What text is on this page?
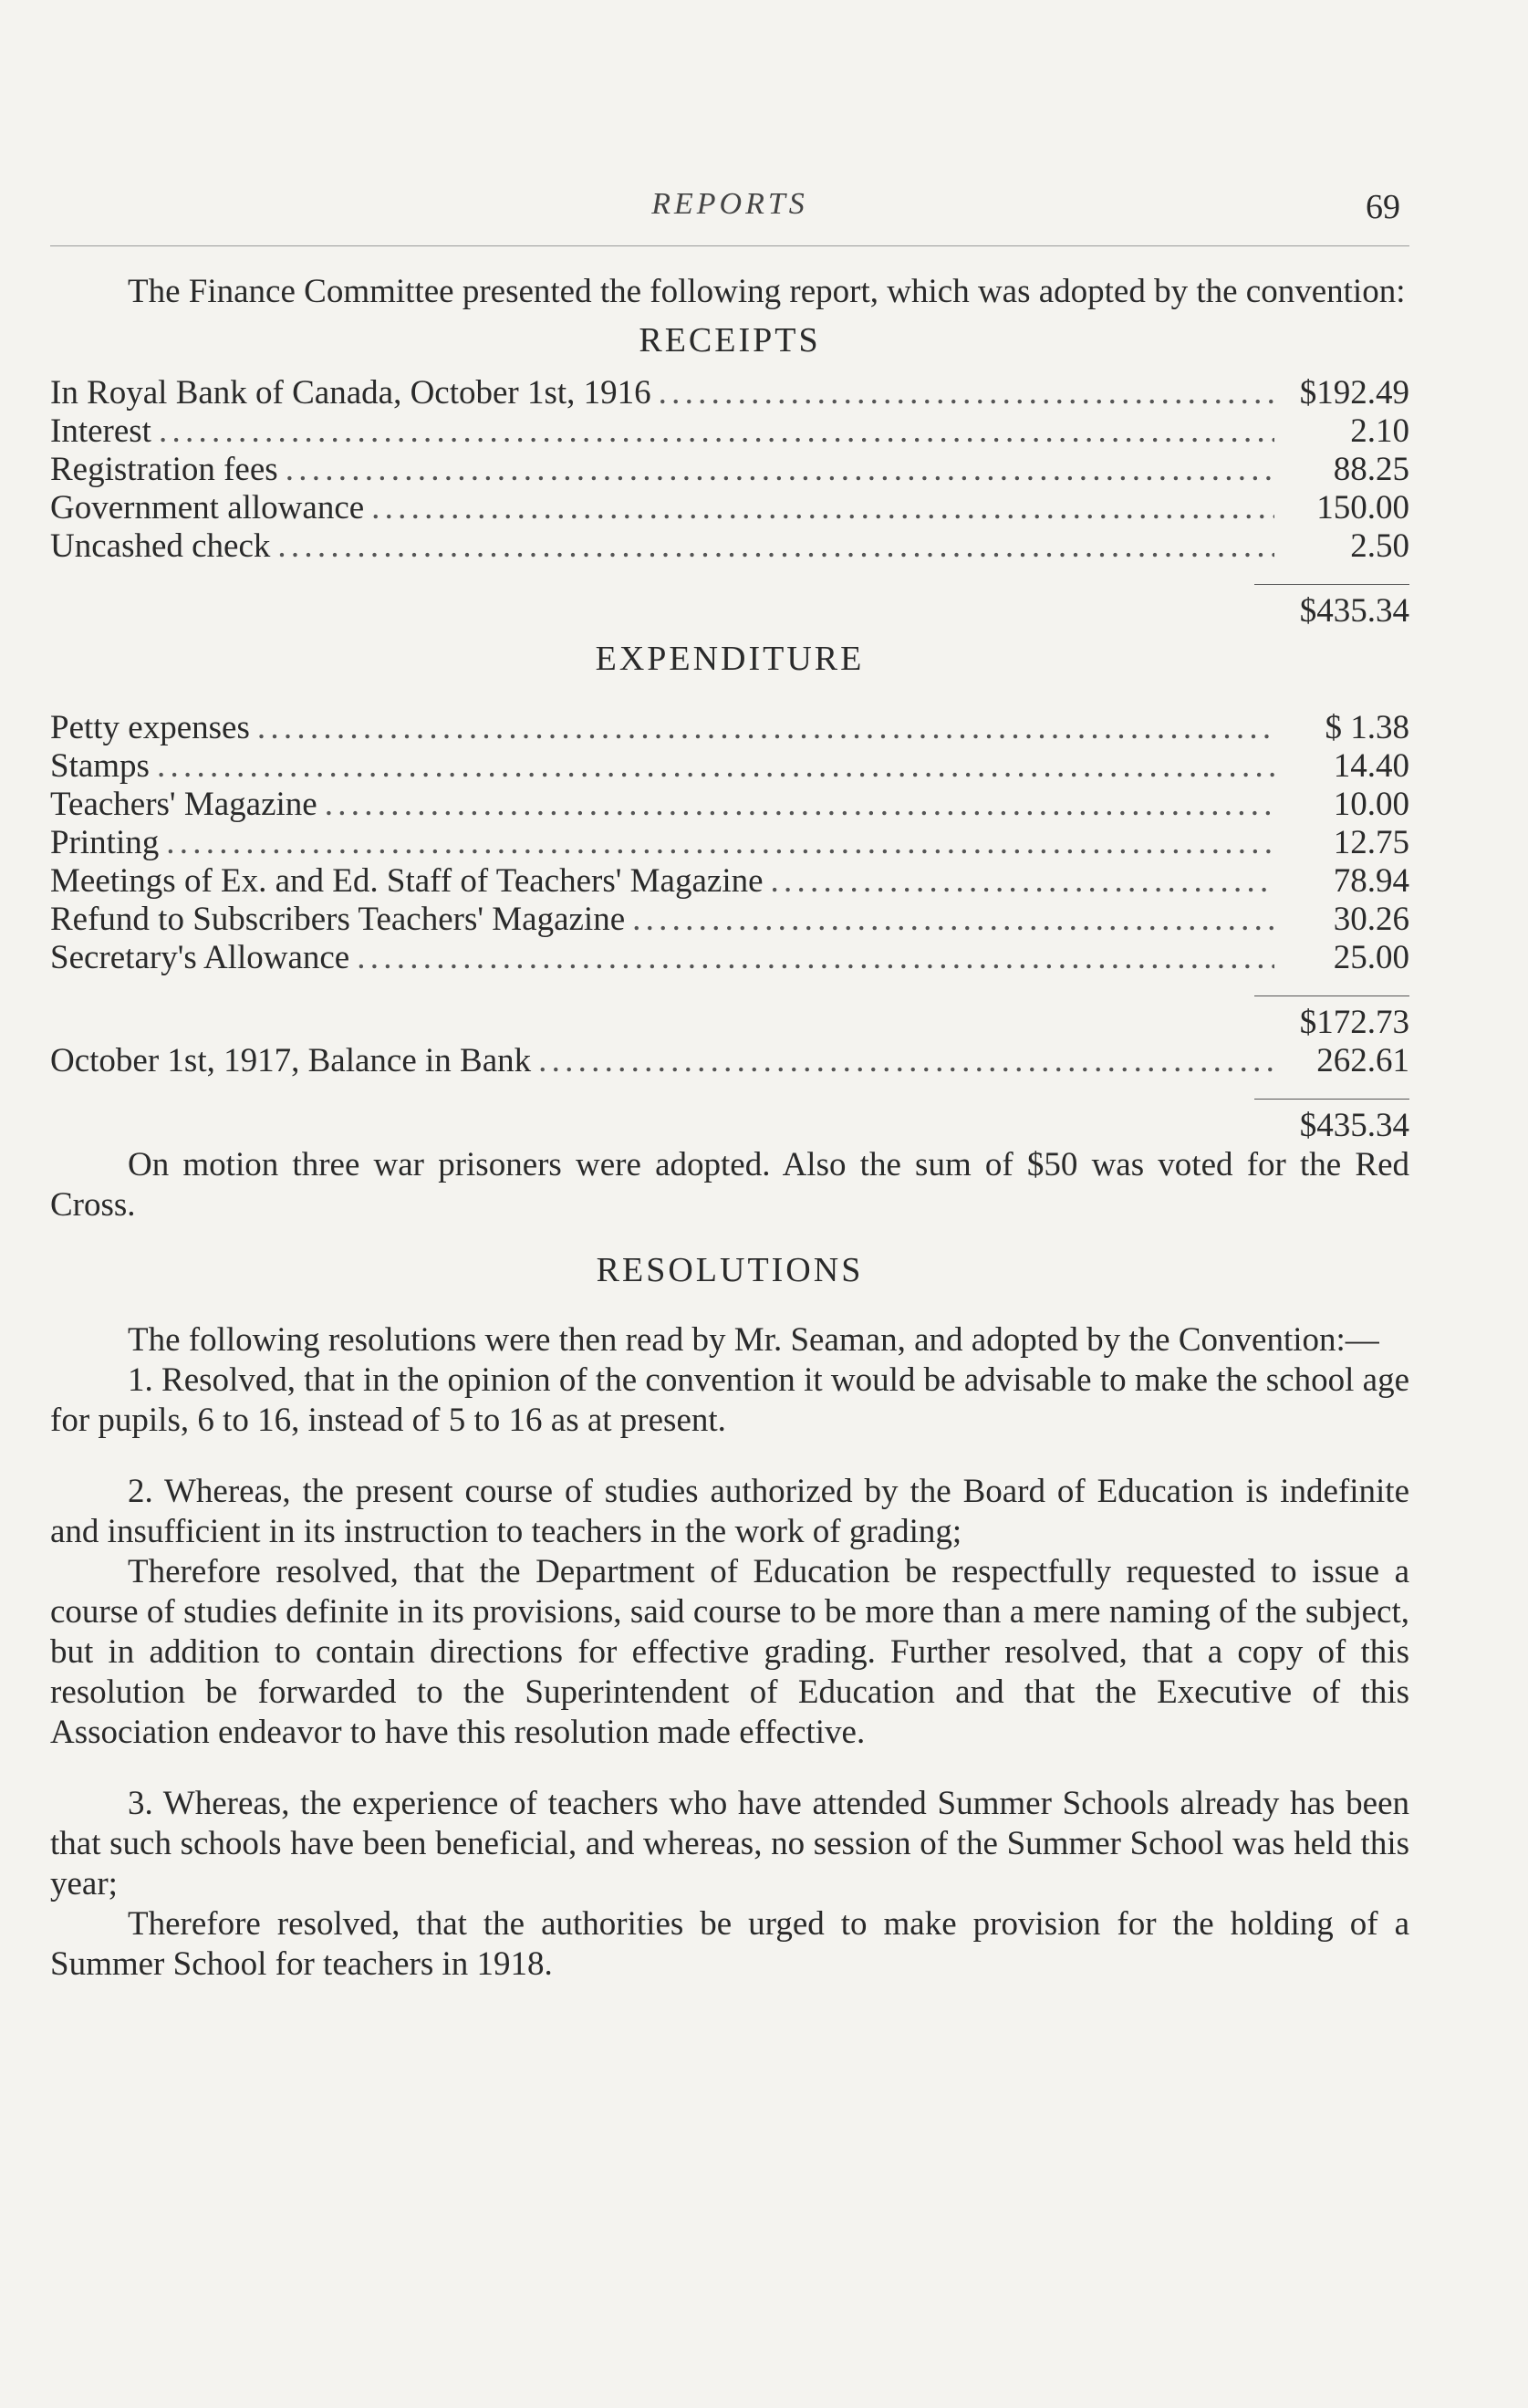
REPORTS	69

The Finance Committee presented the following report, which was adopted by the convention:

RECEIPTS
In Royal Bank of Canada, October 1st, 1916 . . .	$192.49
Interest . . .	2.10
Registration fees . . .	88.25
Government allowance . . .	150.00
Uncashed check . . .	2.50
$435.34
EXPENDITURE
Petty expenses . . .	$ 1.38
Stamps . . .	14.40
Teachers' Magazine . . .	10.00
Printing . . .	12.75
Meetings of Ex. and Ed. Staff of Teachers' Magazine . . .	78.94
Refund to Subscribers Teachers' Magazine . . .	30.26
Secretary's Allowance . . .	25.00
$172.73
October 1st, 1917, Balance in Bank . . .	262.61
$435.34

On motion three war prisoners were adopted. Also the sum of $50 was voted for the Red Cross.

RESOLUTIONS

The following resolutions were then read by Mr. Seaman, and adopted by the Convention:—

1. Resolved, that in the opinion of the convention it would be advisable to make the school age for pupils, 6 to 16, instead of 5 to 16 as at present.

2. Whereas, the present course of studies authorized by the Board of Education is indefinite and insufficient in its instruction to teachers in the work of grading;

Therefore resolved, that the Department of Education be respectfully requested to issue a course of studies definite in its provisions, said course to be more than a mere naming of the subject, but in addition to contain directions for effective grading. Further resolved, that a copy of this resolution be forwarded to the Superintendent of Education and that the Executive of this Association endeavor to have this resolution made effective.

3. Whereas, the experience of teachers who have attended Summer Schools already has been that such schools have been beneficial, and whereas, no session of the Summer School was held this year;

Therefore resolved, that the authorities be urged to make provision for the holding of a Summer School for teachers in 1918.
